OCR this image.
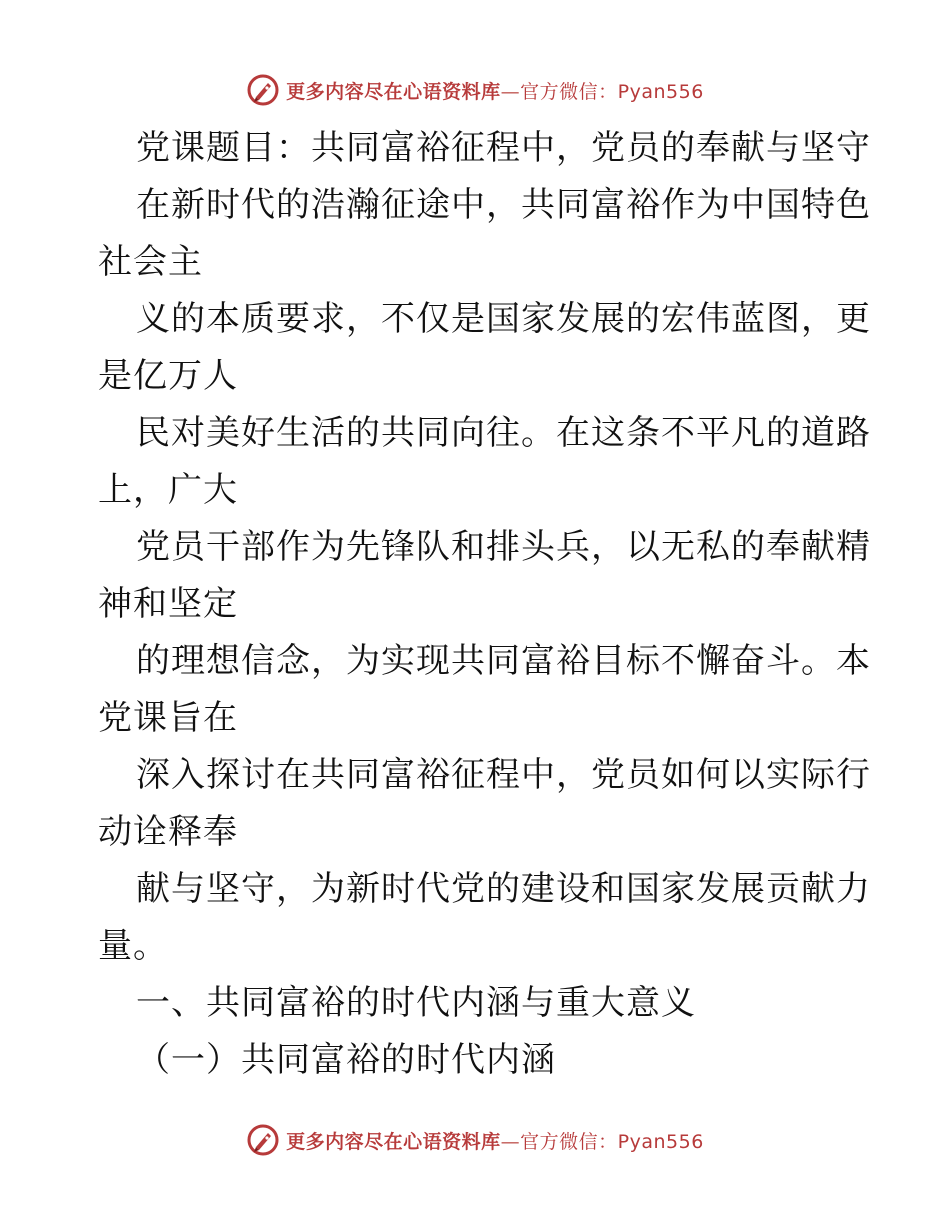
更多内容尽在心语资料库—官方微信：Pyan556
党课题目：共同富裕征程中，党员的奉献与坚守
在新时代的浩瀚征途中，共同富裕作为中国特色
社会主
义的本质要求，不仅是国家发展的宏伟蓝图，更
是亿万人
民对美好生活的共同向往。在这条不平凡的道路
上，广大
党员干部作为先锋队和排头兵，以无私的奉献精
神和坚定
的理想信念，为实现共同富裕目标不懈奋斗。本
党课旨在
深入探讨在共同富裕征程中，党员如何以实际行
动诠释奉
献与坚守，为新时代党的建设和国家发展贡献力
量。
一、共同富裕的时代内涵与重大意义
（一）共同富裕的时代内涵
更多内容尽在心语资料库—官方微信：Pyan556
